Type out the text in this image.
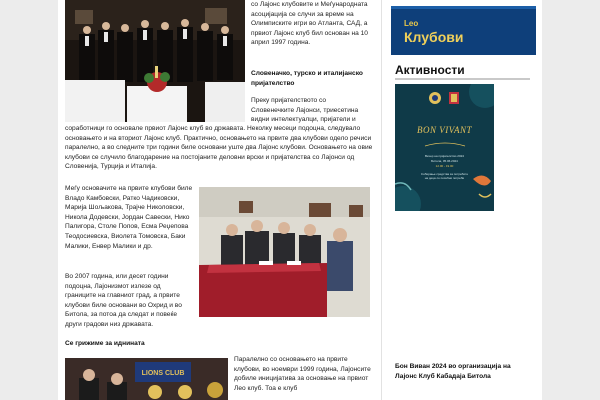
со Лајонс клубовите и Меѓународната асоцијација се случи за време на Олимписките игри во Атланта, САД, а првиот Лајонс клуб бил основан на 10 април 1997 година.

Словеначко, турско и италијанско пријателство

Преку пријателството со Словенечките Лајонси, триесетина видни интелектуалци, пријатели и

соработници го основале првиот Лајонс клуб во државата. Неколку месеци подоцна, следувало основањето и на вториот Лајонс клуб. Практично, основањето на првите два клубови одело речиси паралелно, а во следните три години биле основани уште два Лајонс клубови. Основањето на овие клубови се случило благодарение на постојаните деловни врски и пријателства со Лајонси од Словенија, Турција и Италија.

Меѓу основачите на првите клубови биле Владо Камбовски, Ратко Чадиковски, Марија Шољакова, Трајче Николовски, Никола Додевски, Јордан Савески, Нико Палигора, Столе Попов, Есма Реџепова Теодосиевска, Виолета Томовска, Баки Малики, Енвер Малики и др.

Во 2007 година, или десет години подоцна, Лајонизмот излезе од границите на главниот град, а првите клубови биле основани во Охрид и во Битола, за потоа да следат и повеќе други градови низ државата.

Се грижиме за иднината

LIONS CLUB

Паралелно со основањето на првите клубови, во ноември 1999 година, Лајонсите добиле иницијатива за основање на првиот Лео клуб. Тоа е клуб

Leo
Клубови
Активности
BON VIVANT
Вечер на пријателство 2024
Битола, 05.06.2024
12.00 - 19.00
Собирање средства за потребите
на деца со посебни потреби
Бон Виван 2024 во организација на Лајонс Клуб Кабадаја Битола
